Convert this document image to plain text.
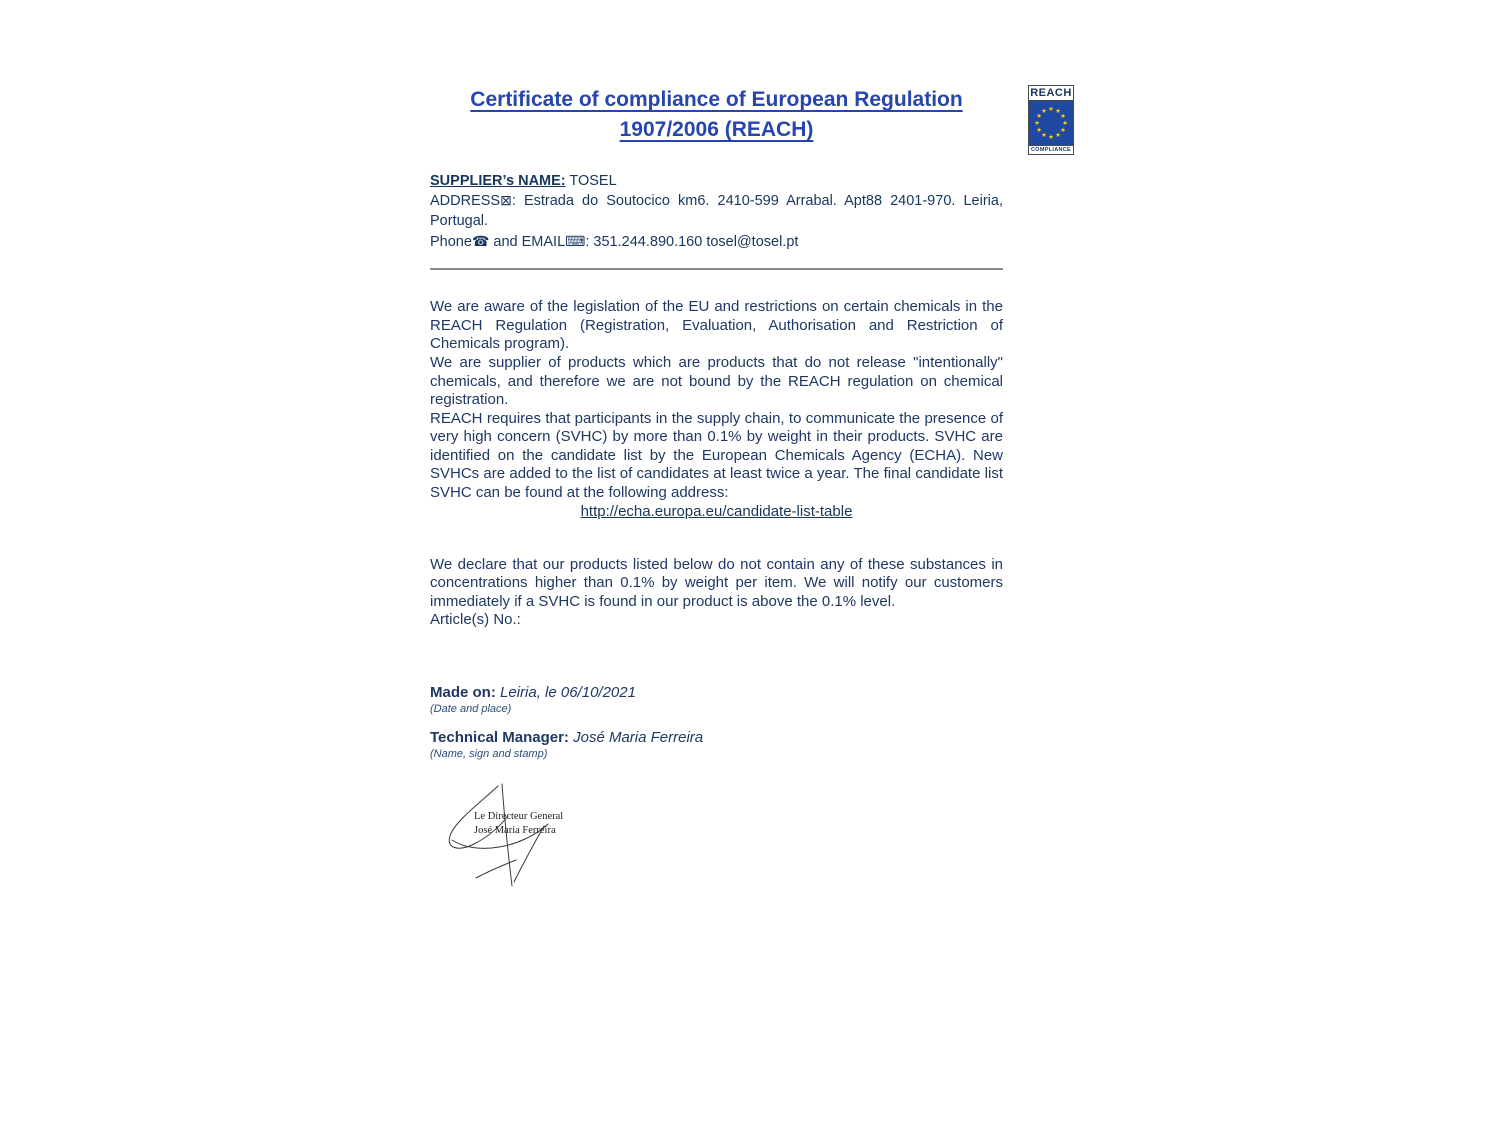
REACH
★ ★
★
★
★
★
★
★
★
★
★
★
COMPLIANCE
Certificate of compliance of European Regulation
1907/2006 (REACH)
SUPPLIER’s NAME: TOSEL
ADDRESS⊠: Estrada do Soutocico km6. 2410-599 Arrabal. Apt88 2401-970. Leiria, Portugal.
Phone☎ and EMAIL⌨: 351.244.890.160 tosel@tosel.pt

We are aware of the legislation of the EU and restrictions on certain chemicals in the REACH Regulation (Registration, Evaluation, Authorisation and Restriction of Chemicals program).

We are supplier of products which are products that do not release "intentionally" chemicals, and therefore we are not bound by the REACH regulation on chemical registration.

REACH requires that participants in the supply chain, to communicate the presence of very high concern (SVHC) by more than 0.1% by weight in their products. SVHC are identified on the candidate list by the European Chemicals Agency (ECHA). New SVHCs are added to the list of candidates at least twice a year. The final candidate list SVHC can be found at the following address:

http://echa.europa.eu/candidate-list-table

We declare that our products listed below do not contain any of these substances in concentrations higher than 0.1% by weight per item. We will notify our customers immediately if a SVHC is found in our product is above the 0.1% level.

Article(s) No.:

Made on: Leiria, le 06/10/2021

(Date and place)

Technical Manager: José Maria Ferreira

(Name, sign and stamp)

Le Directeur General
José Maria Ferreira
